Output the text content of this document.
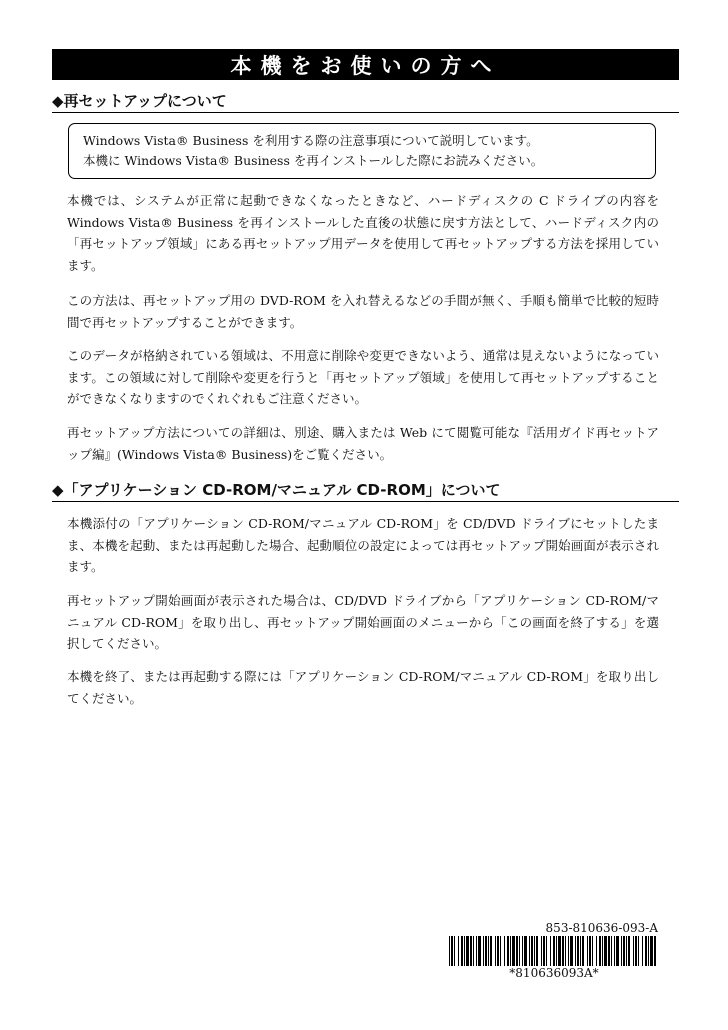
本機をお使いの方へ
◆再セットアップについて
Windows Vista® Business を利用する際の注意事項について説明しています。
本機に Windows Vista® Business を再インストールした際にお読みください。
本機では、システムが正常に起動できなくなったときなど、ハードディスクの C ドライブの内容を Windows Vista® Business を再インストールした直後の状態に戻す方法として、ハードディスク内の「再セットアップ領域」にある再セットアップ用データを使用して再セットアップする方法を採用しています。
この方法は、再セットアップ用の DVD-ROM を入れ替えるなどの手間が無く、手順も簡単で比較的短時間で再セットアップすることができます。
このデータが格納されている領域は、不用意に削除や変更できないよう、通常は見えないようになっています。この領域に対して削除や変更を行うと「再セットアップ領域」を使用して再セットアップすることができなくなりますのでくれぐれもご注意ください。
再セットアップ方法についての詳細は、別途、購入または Web にて閲覧可能な『活用ガイド再セットアップ編』(Windows Vista® Business)をご覧ください。
◆「アプリケーション CD-ROM/マニュアル CD-ROM」について
本機添付の「アプリケーション CD-ROM/マニュアル CD-ROM」を CD/DVD ドライブにセットしたまま、本機を起動、または再起動した場合、起動順位の設定によっては再セットアップ開始画面が表示されます。
再セットアップ開始画面が表示された場合は、CD/DVD ドライブから「アプリケーション CD-ROM/マニュアル CD-ROM」を取り出し、再セットアップ開始画面のメニューから「この画面を終了する」を選択してください。
本機を終了、または再起動する際には「アプリケーション CD-ROM/マニュアル CD-ROM」を取り出してください。
853-810636-093-A
*810636093A*
